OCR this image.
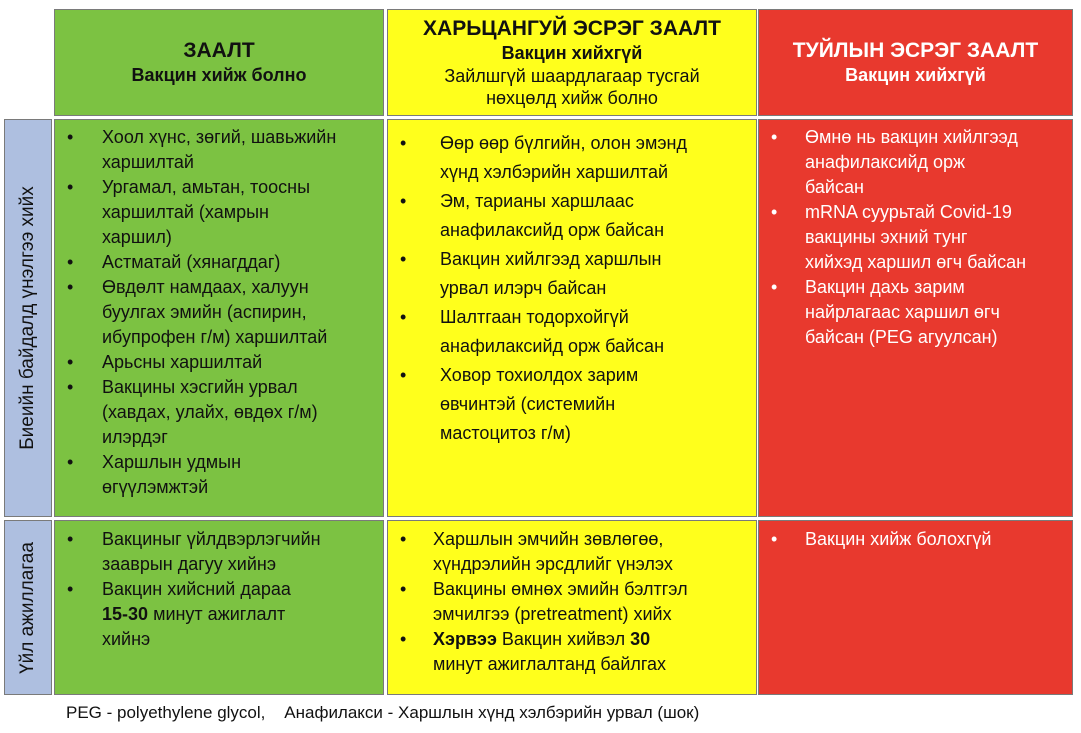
ЗААЛТ
Вакцин хийж болно
ХАРЬЦАНГУЙ ЭСРЭГ ЗААЛТ
Вакцин хийхгүй
Зайлшгүй шаардлагаар тусгай
нөхцөлд хийж болно
ТУЙЛЫН ЭСРЭГ ЗААЛТ
Вакцин хийхгүй
Биеийн байдалд үнэлгээ хийх
• Хоол хүнс, зөгий, шавьжийн
харшилтай
• Ургамал, амьтан, тоосны
харшилтай (хамрын
харшил)
• Астматай (хянагддаг)
• Өвдөлт намдаах, халуун
буулгах эмийн (аспирин,
ибупрофен г/м) харшилтай
• Арьсны харшилтай
• Вакцины хэсгийн урвал
(хавдах, улайх, өвдөх г/м)
илэрдэг
• Харшлын удмын
өгүүлэмжтэй
• Өөр өөр бүлгийн, олон эмэнд
хүнд хэлбэрийн харшилтай
• Эм, тарианы харшлаас
анафилаксийд орж байсан
• Вакцин хийлгээд харшлын
урвал илэрч байсан
• Шалтгаан тодорхойгүй
анафилаксийд орж байсан
• Ховор тохиолдох зарим
өвчинтэй (системийн
мастоцитоз г/м)
• Өмнө нь вакцин хийлгээд
анафилаксийд орж
байсан
• mRNA суурьтай Covid-19
вакцины эхний тунг
хийхэд харшил өгч байсан
• Вакцин дахь зарим
найрлагаас харшил өгч
байсан (PEG агуулсан)
Үйл ажиллагаа
• Вакциныг үйлдвэрлэгчийн
зааврын дагуу хийнэ
• Вакцин хийсний дараа
15-30 минут ажиглалт
хийнэ
• Харшлын эмчийн зөвлөгөө,
хүндрэлийн эрсдлийг үнэлэх
• Вакцины өмнөх эмийн бэлтгэл
эмчилгээ (pretreatment) хийх
• Хэрвээ Вакцин хийвэл 30
минут ажиглалтанд байлгах
• Вакцин хийж болохгүй
PEG - polyethylene glycol,    Анафилакси - Харшлын хүнд хэлбэрийн урвал (шок)
